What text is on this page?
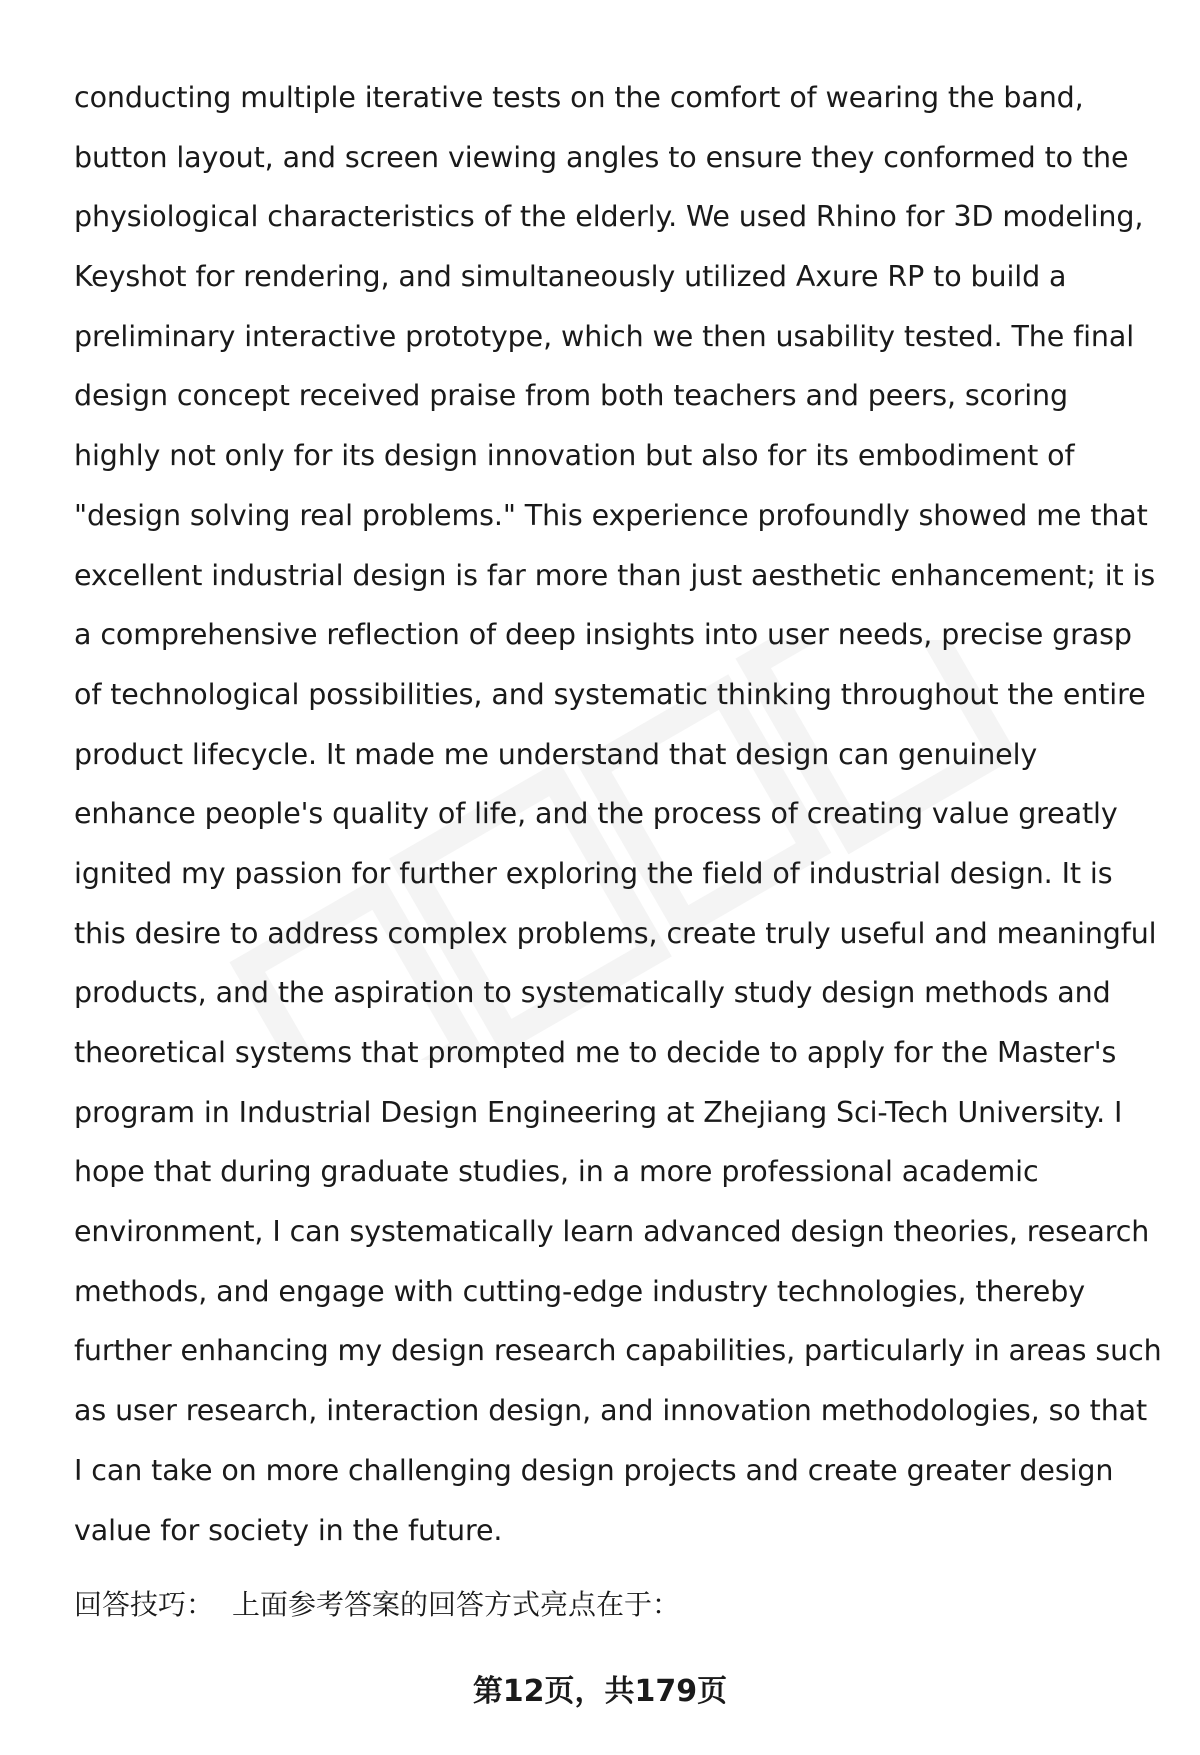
conducting multiple iterative tests on the comfort of wearing the band,
button layout, and screen viewing angles to ensure they conformed to the
physiological characteristics of the elderly. We used Rhino for 3D modeling,
Keyshot for rendering, and simultaneously utilized Axure RP to build a
preliminary interactive prototype, which we then usability tested. The final
design concept received praise from both teachers and peers, scoring
highly not only for its design innovation but also for its embodiment of
"design solving real problems." This experience profoundly showed me that
excellent industrial design is far more than just aesthetic enhancement; it is
a comprehensive reflection of deep insights into user needs, precise grasp
of technological possibilities, and systematic thinking throughout the entire
product lifecycle. It made me understand that design can genuinely
enhance people's quality of life, and the process of creating value greatly
ignited my passion for further exploring the field of industrial design. It is
this desire to address complex problems, create truly useful and meaningful
products, and the aspiration to systematically study design methods and
theoretical systems that prompted me to decide to apply for the Master's
program in Industrial Design Engineering at Zhejiang Sci-Tech University. I
hope that during graduate studies, in a more professional academic
environment, I can systematically learn advanced design theories, research
methods, and engage with cutting-edge industry technologies, thereby
further enhancing my design research capabilities, particularly in areas such
as user research, interaction design, and innovation methodologies, so that
I can take on more challenging design projects and create greater design
value for society in the future.
回答技巧： 上面参考答案的回答方式亮点在于：
第12页，共179页
